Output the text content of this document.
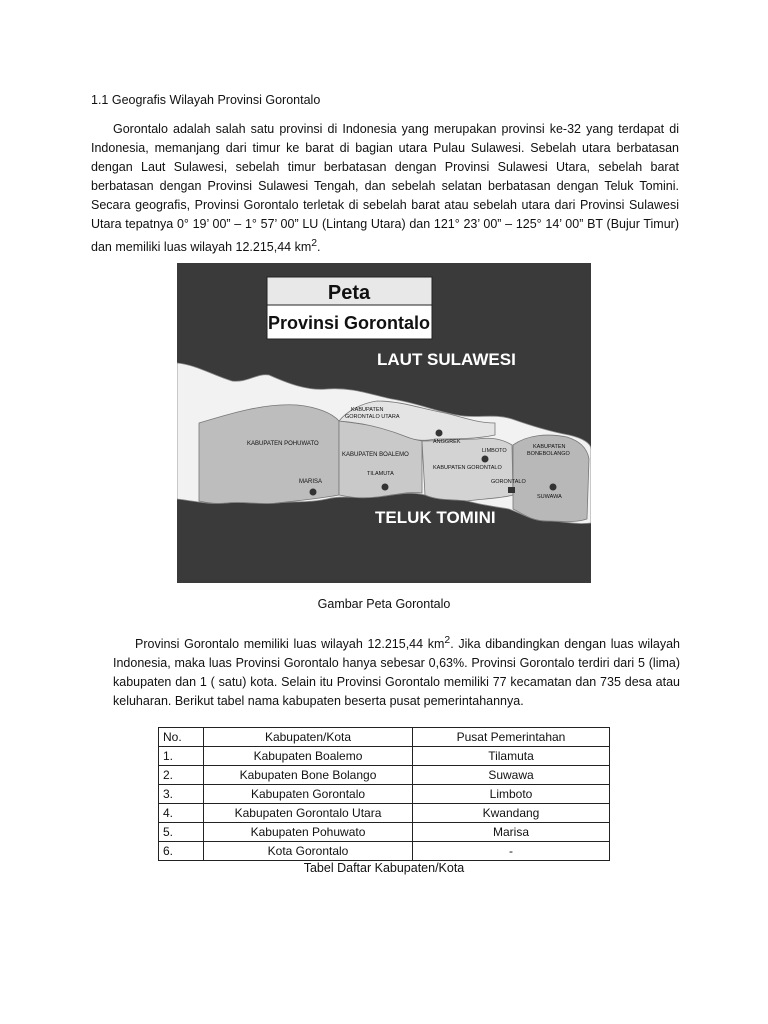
1.1 Geografis Wilayah Provinsi Gorontalo

Gorontalo adalah salah satu provinsi di Indonesia yang merupakan provinsi ke-32 yang terdapat di Indonesia, memanjang dari timur ke barat di bagian utara Pulau Sulawesi. Sebelah utara berbatasan dengan Laut Sulawesi, sebelah timur berbatasan dengan Provinsi Sulawesi Utara, sebelah barat berbatasan dengan Provinsi Sulawesi Tengah, dan sebelah selatan berbatasan dengan Teluk Tomini. Secara geografis, Provinsi Gorontalo terletak di sebelah barat atau sebelah utara dari Provinsi Sulawesi Utara tepatnya 0° 19’ 00” – 1° 57’ 00” LU (Lintang Utara) dan 121° 23’ 00” – 125° 14’ 00” BT (Bujur Timur) dan memiliki luas wilayah 12.215,44 $km^2$.

Peta
Provinsi Gorontalo
LAUT SULAWESI
TELUK TOMINI
KABUPATEN POHUWATO
KABUPATEN BOALEMO
KABUPATEN
GORONTALO UTARA
KABUPATEN GORONTALO
KABUPATEN
BONEBOLANGO
MARISA
TILAMUTA
ANGGREK
LIMBOTO
GORONTALO
SUWAWA
Gambar Peta Gorontalo

Provinsi Gorontalo memiliki luas wilayah 12.215,44 $km^2$. Jika dibandingkan dengan luas wilayah Indonesia, maka luas Provinsi Gorontalo hanya sebesar 0,63%. Provinsi Gorontalo terdiri dari 5 (lima) kabupaten dan 1 ( satu) kota. Selain itu Provinsi Gorontalo memiliki 77 kecamatan dan 735 desa atau keluharan. Berikut tabel nama kabupaten beserta pusat pemerintahannya.

No.	Kabupaten/Kota	Pusat Pemerintahan
1.	Kabupaten Boalemo	Tilamuta
2.	Kabupaten Bone Bolango	Suwawa
3.	Kabupaten Gorontalo	Limboto
4.	Kabupaten Gorontalo Utara	Kwandang
5.	Kabupaten Pohuwato	Marisa
6.	Kota Gorontalo	-
Tabel Daftar Kabupaten/Kota
